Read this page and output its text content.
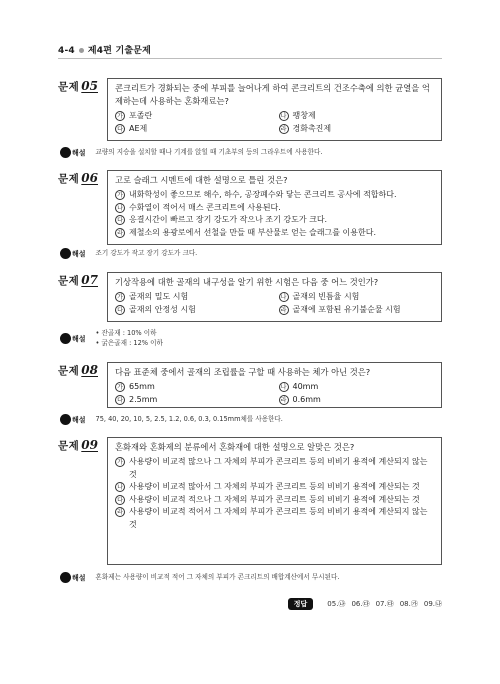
4-4 제4편 기출문제
문제 05 콘크리트가 경화되는 중에 부피를 늘어나게 하여 콘크리트의 건조수축에 의한 균열을 억제하는데 사용하는 혼화재료는?

가 포졸란	나 팽창제
다 AE제	라 경화촉진제
해설 교량의 지승을 설치할 때나 기계를 앉힐 때 기초부의 등의 그라우트에 사용한다.
문제 06 고로 슬래그 시멘트에 대한 설명으로 틀린 것은?

가 내화학성이 좋으므로 해수, 하수, 공장폐수와 닿는 콘크리트 공사에 적합하다.
나 수화열이 적어서 매스 콘크리트에 사용된다.
다 응결시간이 빠르고 장기 강도가 작으나 조기 강도가 크다.
라 제철소의 용광로에서 선철을 만들 때 부산물로 얻는 슬래그를 이용한다.
해설 조기 강도가 작고 장기 강도가 크다.
문제 07 기상작용에 대한 골재의 내구성을 알기 위한 시험은 다음 중 어느 것인가?

가 골재의 밀도 시험	나 골재의 빈틈율 시험
다 골재의 안정성 시험	라 골재에 포함된 유기불순물 시험
해설
• 잔골재 : 10% 이하
• 굵은골재 : 12% 이하
문제 08 다음 표준체 중에서 골재의 조립률을 구할 때 사용하는 체가 아닌 것은?

가 65mm	나 40mm
다 2.5mm	라 0.6mm
해설 75, 40, 20, 10, 5, 2.5, 1.2, 0.6, 0.3, 0.15mm체를 사용한다.
문제 09 혼화재와 혼화제의 분류에서 혼화재에 대한 설명으로 알맞은 것은?

가 사용량이 비교적 많으나 그 자체의 부피가 콘크리트 등의 비비기 용적에 계산되지 않는 것
나 사용량이 비교적 많아서 그 자체의 부피가 콘크리트 등의 비비기 용적에 계산되는 것
다 사용량이 비교적 적으나 그 자체의 부피가 콘크리트 등의 비비기 용적에 계산되는 것
라 사용량이 비교적 적어서 그 자체의 부피가 콘크리트 등의 비비기 용적에 계산되지 않는 것
해설 혼화제는 사용량이 비교적 적어 그 자체의 부피가 콘크리트의 배합계산에서 무시된다.
정답	05.㉯ 06.㉰ 07.㉰ 08.㉮ 09.㉯
